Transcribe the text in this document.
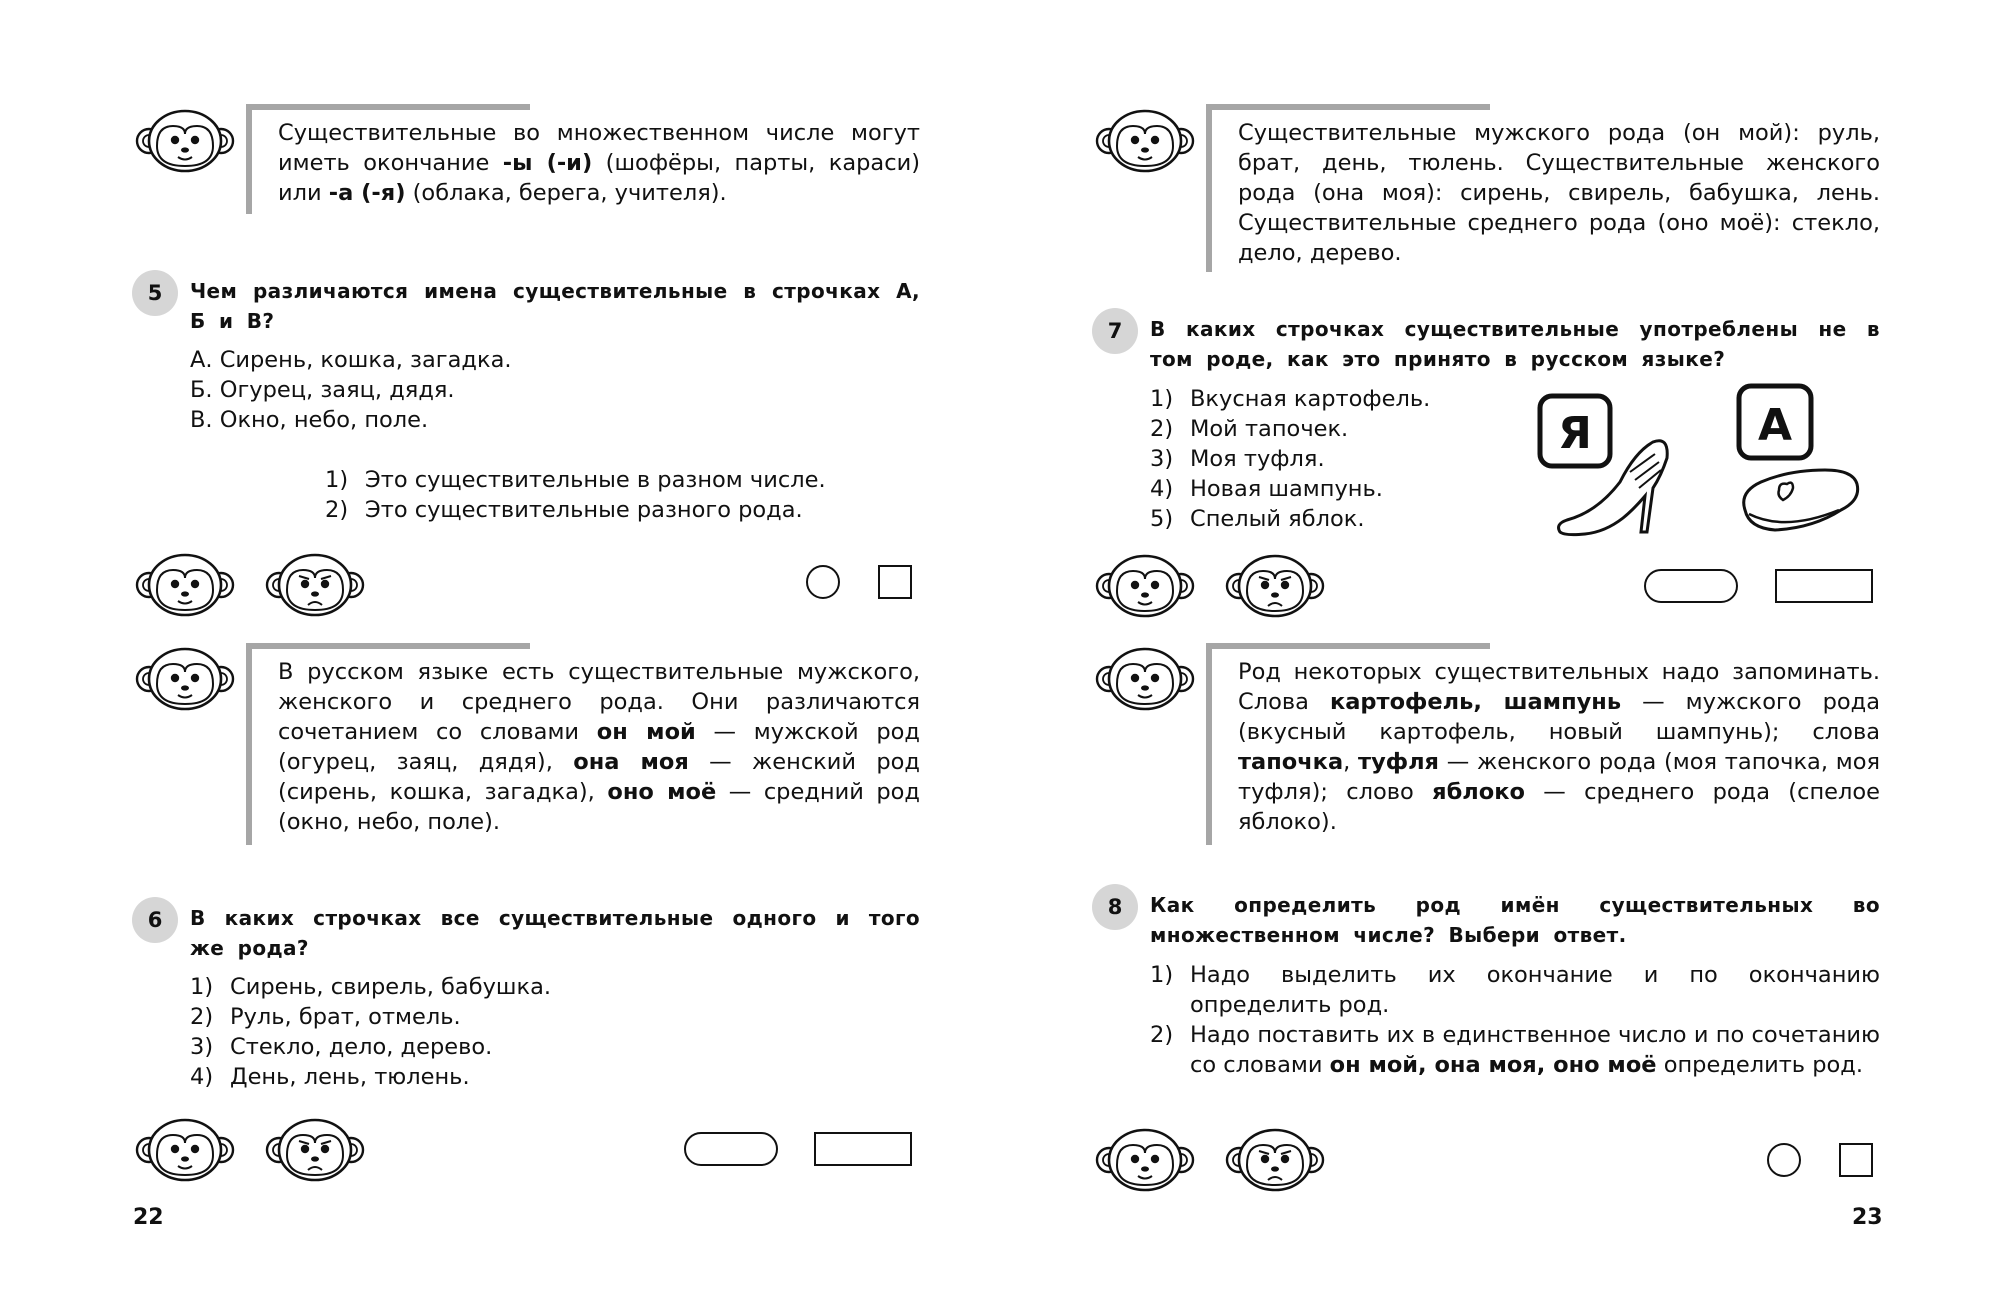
Существительные во множественном числе могут иметь окончание -ы (-и) (шофёры, парты, караси) или -а (-я) (облака, берега, учителя).

5	Чем различаются имена существительные в строчках А, Б и В?

А. Сирень, кошка, загадка.
Б. Огурец, заяц, дядя.
В. Окно, небо, поле.
1) Это существительные в разном числе.
2) Это существительные разного рода.

В русском языке есть существительные мужского, женского и среднего рода. Они различаются сочетанием со словами он мой — мужской род (огурец, заяц, дядя), она моя — женский род (сирень, кошка, загадка), оно моё — средний род (окно, небо, поле).

6	В каких строчках все существительные одного и того же рода?

1) Сирень, свирель, бабушка.
2) Руль, брат, отмель.
3) Стекло, дело, дерево.
4) День, лень, тюлень.
22

Существительные мужского рода (он мой): руль, брат, день, тюлень. Существительные женского рода (она моя): сирень, свирель, бабушка, лень. Существительные среднего рода (оно моё): стекло, дело, дерево.

7	В каких строчках существительные употреблены не в том роде, как это принято в русском языке?

1) Вкусная картофель.
2) Мой тапочек.
3) Моя туфля.
4) Новая шампунь.
5) Спелый яблок.
Я	А

Род некоторых существительных надо запоминать. Слова картофель, шампунь — мужского рода (вкусный картофель, новый шампунь); слова тапочка, туфля — женского рода (моя тапочка, моя туфля); слово яблоко — среднего рода (спелое яблоко).

8	Как определить род имён существительных во множественном числе? Выбери ответ.

1) Надо выделить их окончание и по окончанию определить род.
2) Надо поставить их в единственное число и по сочетанию со словами он мой, она моя, оно моё определить род.
23
